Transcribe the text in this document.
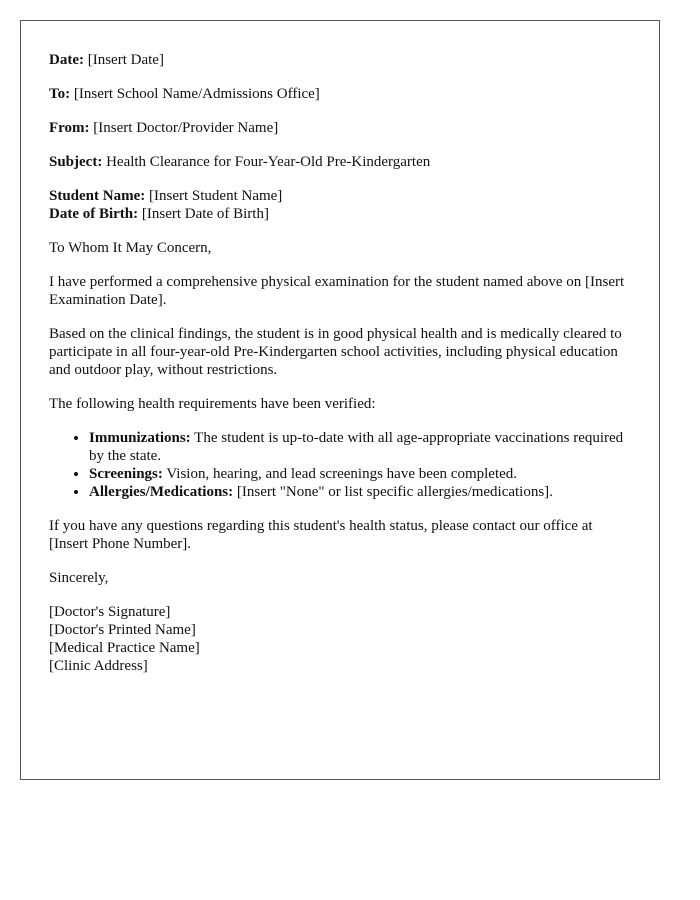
Date: [Insert Date]

To: [Insert School Name/Admissions Office]

From: [Insert Doctor/Provider Name]

Subject: Health Clearance for Four-Year-Old Pre-Kindergarten

Student Name: [Insert Student Name]

Date of Birth: [Insert Date of Birth]

To Whom It May Concern,

I have performed a comprehensive physical examination for the student named above on [Insert Examination Date].

Based on the clinical findings, the student is in good physical health and is medically cleared to participate in all four-year-old Pre-Kindergarten school activities, including physical education and outdoor play, without restrictions.

The following health requirements have been verified:

• Immunizations: The student is up-to-date with all age-appropriate vaccinations required by the state.
• Screenings: Vision, hearing, and lead screenings have been completed.
• Allergies/Medications: [Insert "None" or list specific allergies/medications].

If you have any questions regarding this student's health status, please contact our office at [Insert Phone Number].

Sincerely,

[Doctor's Signature]

[Doctor's Printed Name]

[Medical Practice Name]

[Clinic Address]
